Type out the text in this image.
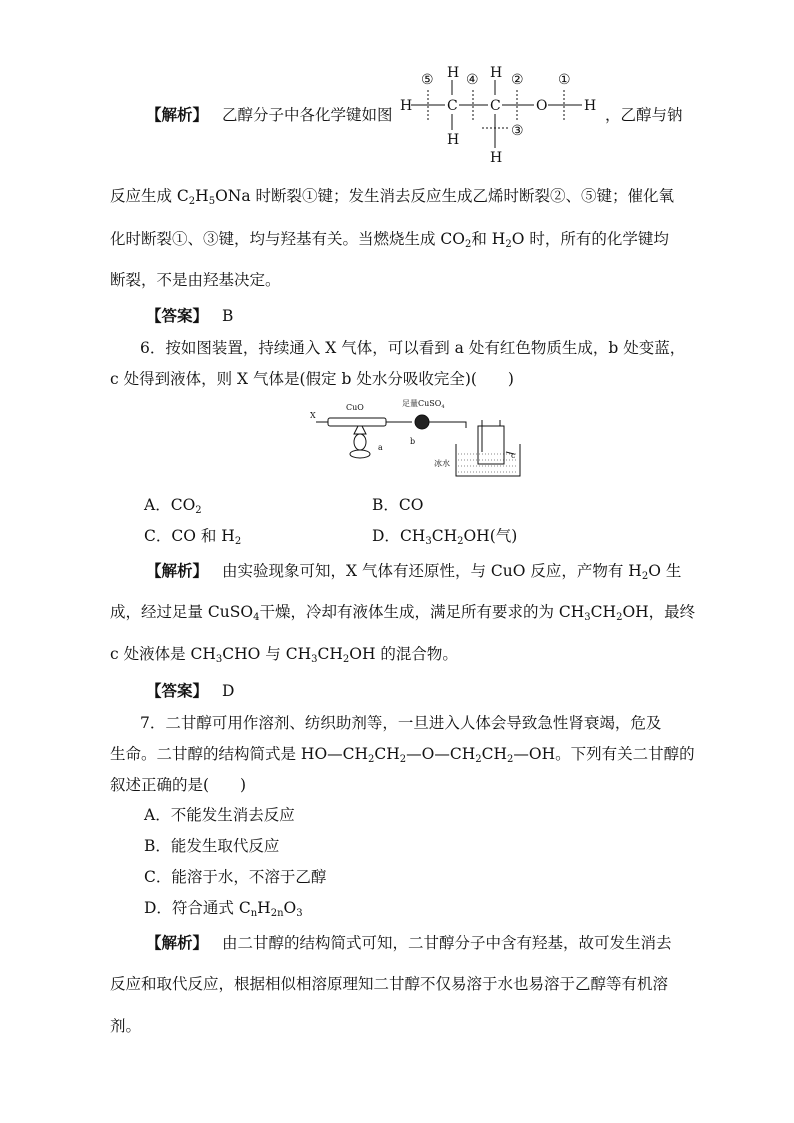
【解析】 乙醇分子中各化学键如图 H C C	O	H
H H
H
H
⑤ ④ ② ①
③
，乙醇与钠
反应生成 $C_2H_5ONa$ 时断裂①键；发生消去反应生成乙烯时断裂②、⑤键；催化氧
化时断裂①、③键，均与羟基有关。当燃烧生成 $CO_2$和 $H_2O$ 时，所有的化学键均
断裂，不是由羟基决定。
【答案】 B
6．按如图装置，持续通入 X 气体，可以看到 a 处有红色物质生成，b 处变蓝，
c 处得到液体，则 X 气体是(假定 b 处水分吸收完全)(　　)
X
CuO	足量CuSO$_4$
a
b
c
冰水
A．$CO_2$	B．CO
C．CO 和 $H_2$	D．$CH_3CH_2OH$(气)
【解析】 由实验现象可知，X 气体有还原性，与 CuO 反应，产物有 $H_2O$ 生
成，经过足量 CuSO$_4$干燥，冷却有液体生成，满足所有要求的为 $CH_3CH_2OH$，最终
c 处液体是 $CH_3CHO$ 与 $CH_3CH_2OH$ 的混合物。
【答案】 D
7．二甘醇可用作溶剂、纺织助剂等，一旦进入人体会导致急性肾衰竭，危及
生命。二甘醇的结构简式是 $HO—CH_2CH_2—O—CH_2CH_2—OH$。下列有关二甘醇的
叙述正确的是(　　)
A．不能发生消去反应
B．能发生取代反应
C．能溶于水，不溶于乙醇
D．符合通式 $C_nH_{2n}O_3$
【解析】 由二甘醇的结构简式可知，二甘醇分子中含有羟基，故可发生消去
反应和取代反应，根据相似相溶原理知二甘醇不仅易溶于水也易溶于乙醇等有机溶
剂。
